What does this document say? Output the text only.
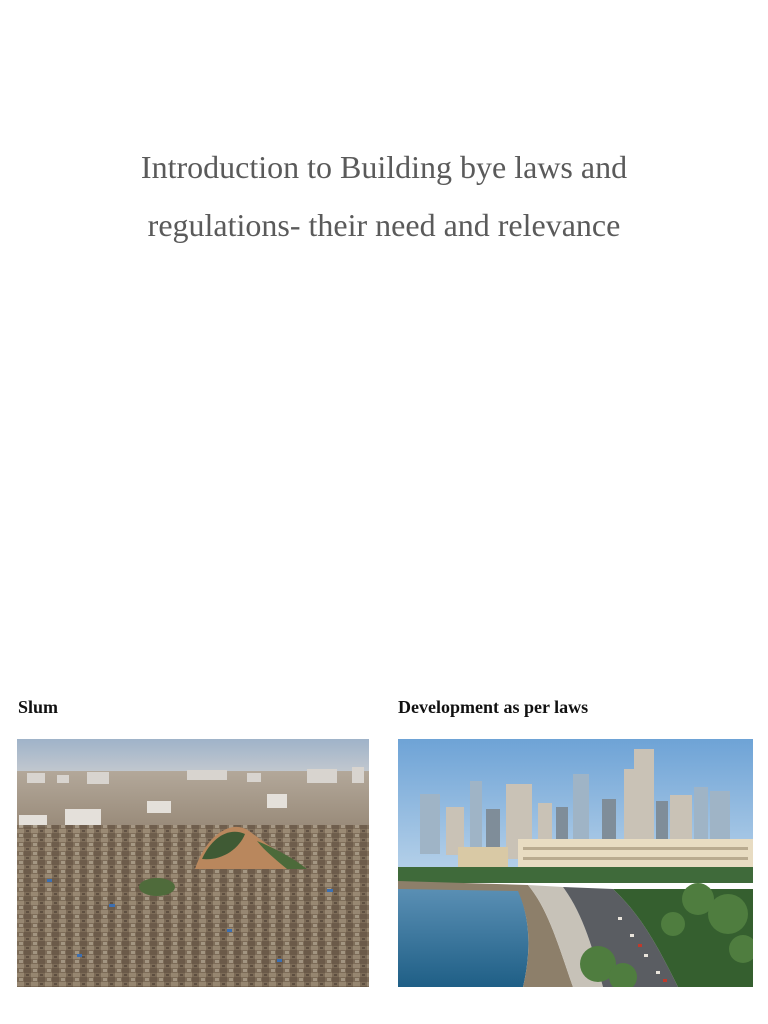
Introduction to Building bye laws and
regulations- their need and relevance
Slum	Development as per laws
